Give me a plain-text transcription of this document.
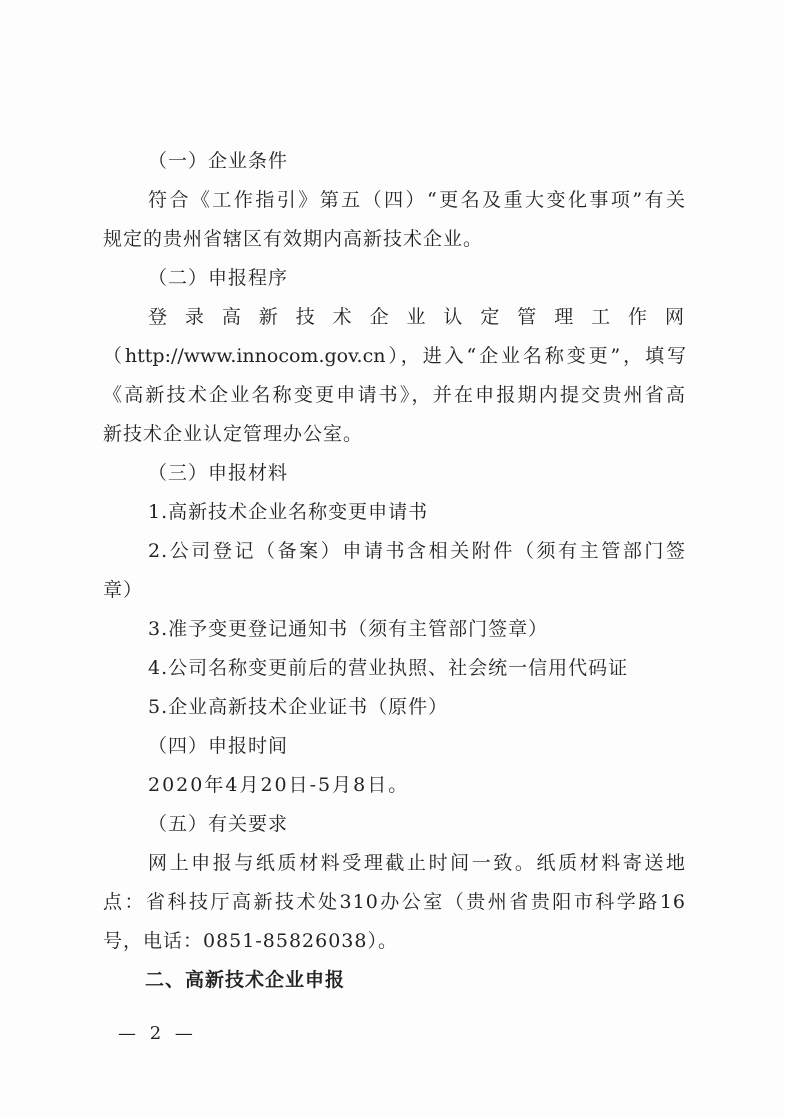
（一）企业条件
符合《工作指引》第五（四）“更名及重大变化事项”有关
规定的贵州省辖区有效期内高新技术企业。
（二）申报程序
登录高新技术企业认定管理工作网
（http://www.innocom.gov.cn），进入“企业名称变更”，填写
《高新技术企业名称变更申请书》，并在申报期内提交贵州省高
新技术企业认定管理办公室。
（三）申报材料
1.高新技术企业名称变更申请书
2.公司登记（备案）申请书含相关附件（须有主管部门签
章）
3.准予变更登记通知书（须有主管部门签章）
4.公司名称变更前后的营业执照、社会统一信用代码证
5.企业高新技术企业证书（原件）
（四）申报时间
2020年4月20日-5月8日。
（五）有关要求
网上申报与纸质材料受理截止时间一致。纸质材料寄送地
点：省科技厅高新技术处310办公室（贵州省贵阳市科学路16
号，电话：0851-85826038）。
二、高新技术企业申报
— 2 —
